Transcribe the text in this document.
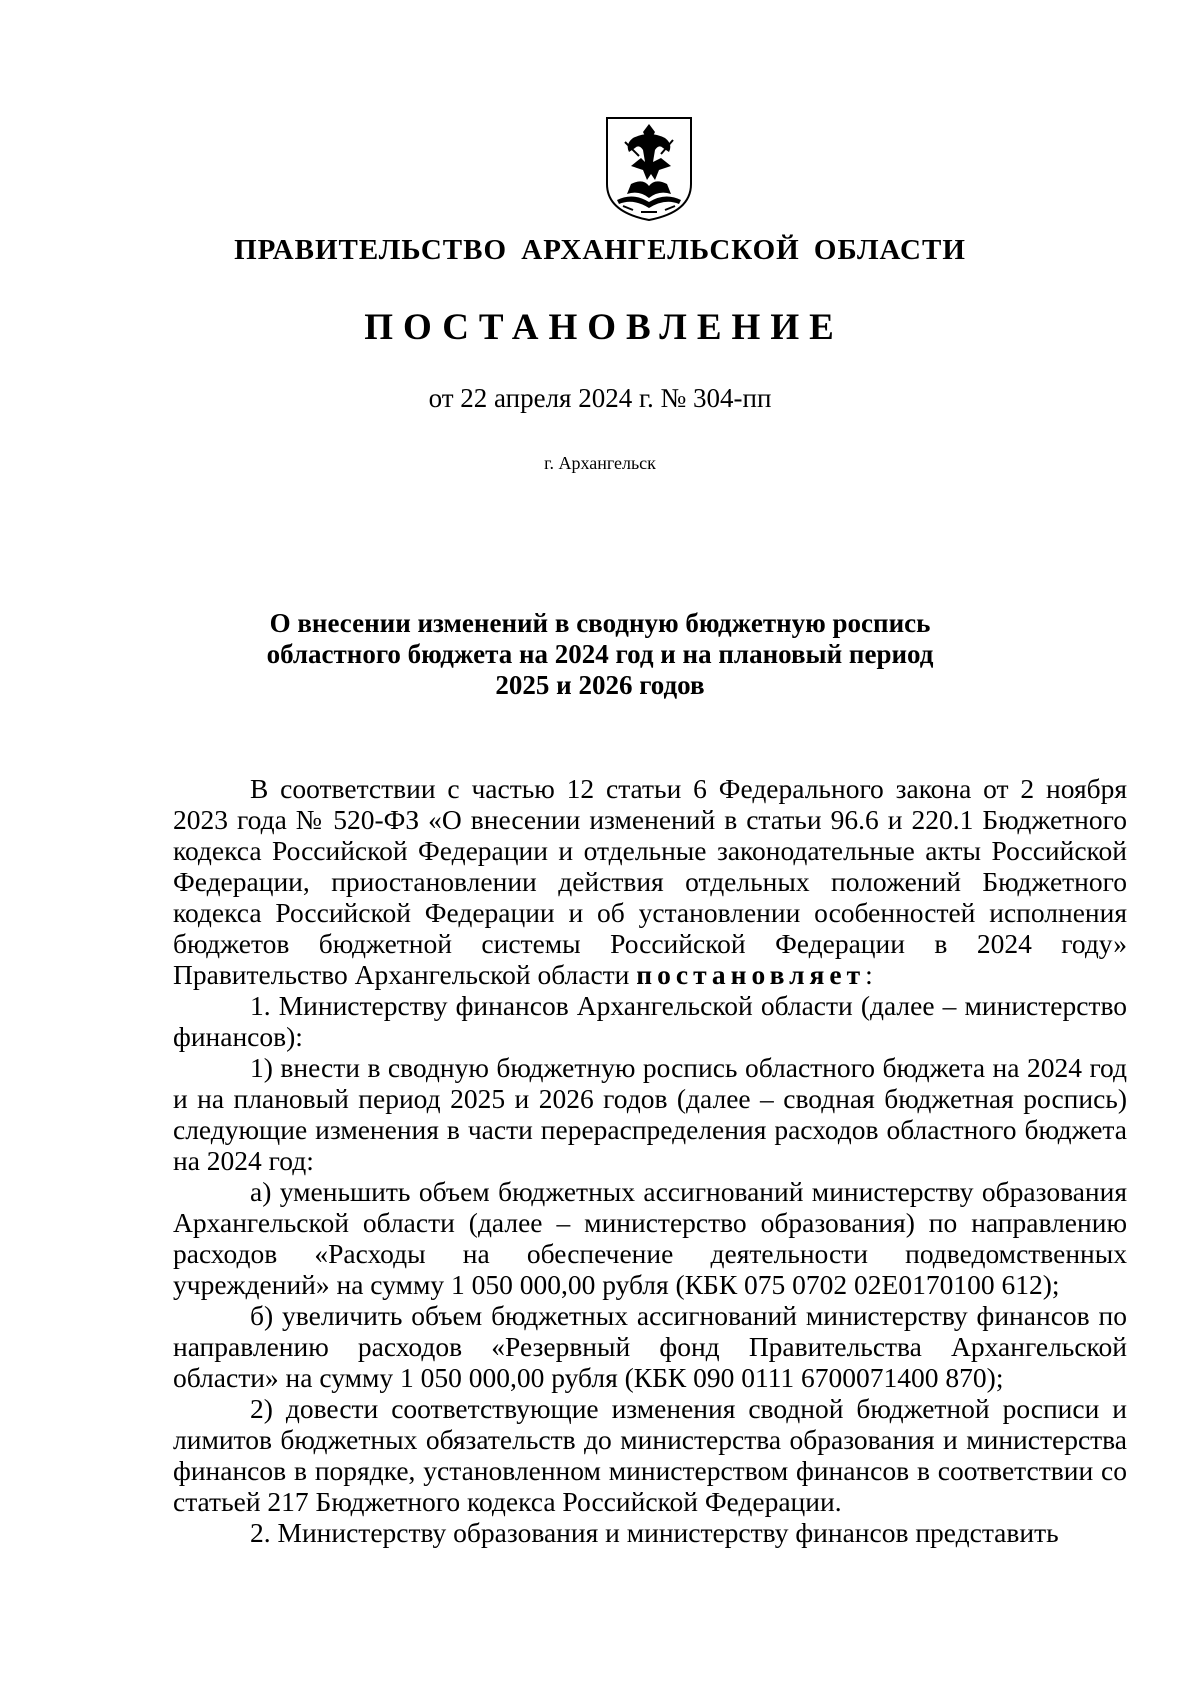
ПРАВИТЕЛЬСТВО АРХАНГЕЛЬСКОЙ ОБЛАСТИ
ПОСТАНОВЛЕНИЕ
от 22 апреля 2024 г. № 304-пп
г. Архангельск
О внесении изменений в сводную бюджетную роспись
областного бюджета на 2024 год и на плановый период
2025 и 2026 годов

В соответствии с частью 12 статьи 6 Федерального закона от 2 ноября 2023 года № 520-ФЗ «О внесении изменений в статьи 96.6 и 220.1 Бюджетного кодекса Российской Федерации и отдельные законодательные акты Российской Федерации, приостановлении действия отдельных положений Бюджетного кодекса Российской Федерации и об установлении особенностей исполнения бюджетов бюджетной системы Российской Федерации в 2024 году» Правительство Архангельской области постановляет:

1. Министерству финансов Архангельской области (далее – министерство финансов):

1) внести в сводную бюджетную роспись областного бюджета на 2024 год и на плановый период 2025 и 2026 годов (далее – сводная бюджетная роспись) следующие изменения в части перераспределения расходов областного бюджета на 2024 год:

а) уменьшить объем бюджетных ассигнований министерству образования Архангельской области (далее – министерство образования) по направлению расходов «Расходы на обеспечение деятельности подведомственных учреждений» на сумму 1 050 000,00 рубля (КБК 075 0702 02Е0170100 612);

б) увеличить объем бюджетных ассигнований министерству финансов по направлению расходов «Резервный фонд Правительства Архангельской области» на сумму 1 050 000,00 рубля (КБК 090 0111 6700071400 870);

2) довести соответствующие изменения сводной бюджетной росписи и лимитов бюджетных обязательств до министерства образования и министерства финансов в порядке, установленном министерством финансов в соответствии со статьей 217 Бюджетного кодекса Российской Федерации.

2. Министерству образования и министерству финансов представить
